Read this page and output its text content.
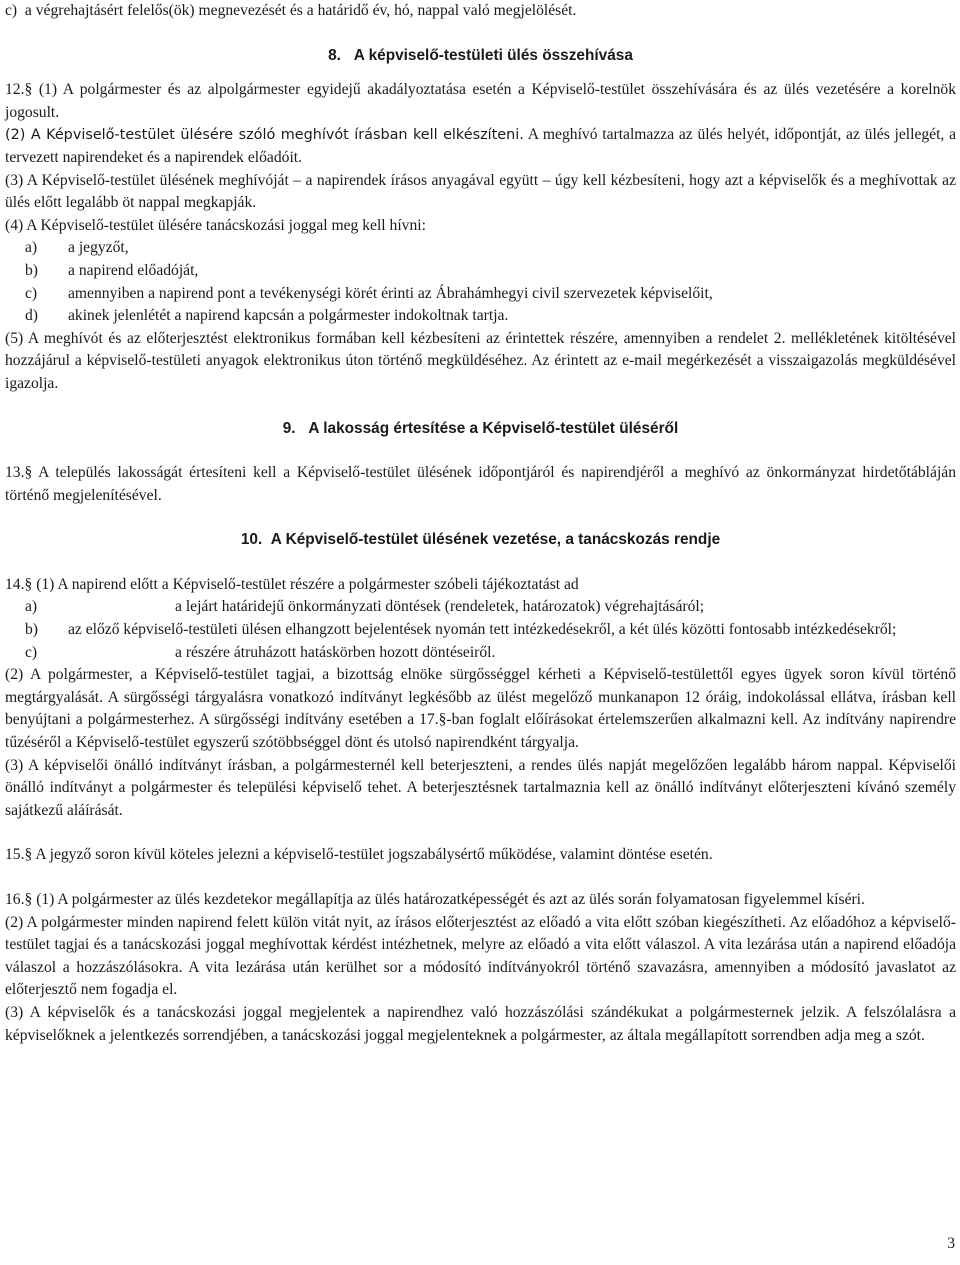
c)  a végrehajtásért felelős(ök) megnevezését és a határidő év, hó, nappal való megjelölését.

8.   A képviselő-testületi ülés összehívása

12.§ (1) A polgármester és az alpolgármester egyidejű akadályoztatása esetén a Képviselő-testület összehívására és az ülés vezetésére a korelnök jogosult.

(2) A Képviselő-testület ülésére szóló meghívót írásban kell elkészíteni. A meghívó tartalmazza az ülés helyét, időpontját, az ülés jellegét, a tervezett napirendeket és a napirendek előadóit.

(3) A Képviselő-testület ülésének meghívóját – a napirendek írásos anyagával együtt – úgy kell kézbesíteni, hogy azt a képviselők és a meghívottak az ülés előtt legalább öt nappal megkapják.

(4) A Képviselő-testület ülésére tanácskozási joggal meg kell hívni:

a)	a jegyzőt,
b)	a napirend előadóját,
c)	amennyiben a napirend pont a tevékenységi körét érinti az Ábrahámhegyi civil szervezetek képviselőit,
d)	akinek jelenlétét a napirend kapcsán a polgármester indokoltnak tartja.

(5) A meghívót és az előterjesztést elektronikus formában kell kézbesíteni az érintettek részére, amennyiben a rendelet 2. mellékletének kitöltésével hozzájárul a képviselő-testületi anyagok elektronikus úton történő megküldéséhez. Az érintett az e-mail megérkezését a visszaigazolás megküldésével igazolja.

9.   A lakosság értesítése a Képviselő-testület üléséről

13.§ A település lakosságát értesíteni kell a Képviselő-testület ülésének időpontjáról és napirendjéről a meghívó az önkormányzat hirdetőtábláján történő megjelenítésével.

10.  A Képviselő-testület ülésének vezetése, a tanácskozás rendje

14.§ (1) A napirend előtt a Képviselő-testület részére a polgármester szóbeli tájékoztatást ad

a)	a lejárt határidejű önkormányzati döntések (rendeletek, határozatok) végrehajtásáról;
b)	az előző képviselő-testületi ülésen elhangzott bejelentések nyomán tett intézkedésekről, a két ülés közötti fontosabb intézkedésekről;
c)	a részére átruházott hatáskörben hozott döntéseiről.

(2) A polgármester, a Képviselő-testület tagjai, a bizottság elnöke sürgősséggel kérheti a Képviselő-testülettől egyes ügyek soron kívül történő megtárgyalását. A sürgősségi tárgyalásra vonatkozó indítványt legkésőbb az ülést megelőző munkanapon 12 óráig, indokolással ellátva, írásban kell benyújtani a polgármesterhez. A sürgősségi indítvány esetében a 17.§-ban foglalt előírásokat értelemszerűen alkalmazni kell. Az indítvány napirendre tűzéséről a Képviselő-testület egyszerű szótöbbséggel dönt és utolsó napirendként tárgyalja.

(3) A képviselői önálló indítványt írásban, a polgármesternél kell beterjeszteni, a rendes ülés napját megelőzően legalább három nappal. Képviselői önálló indítványt a polgármester és települési képviselő tehet. A beterjesztésnek tartalmaznia kell az önálló indítványt előterjeszteni kívánó személy sajátkezű aláírását.

15.§ A jegyző soron kívül köteles jelezni a képviselő-testület jogszabálysértő működése, valamint döntése esetén.

16.§ (1) A polgármester az ülés kezdetekor megállapítja az ülés határozatképességét és azt az ülés során folyamatosan figyelemmel kíséri.

(2) A polgármester minden napirend felett külön vitát nyit, az írásos előterjesztést az előadó a vita előtt szóban kiegészítheti. Az előadóhoz a képviselő-testület tagjai és a tanácskozási joggal meghívottak kérdést intézhetnek, melyre az előadó a vita előtt válaszol. A vita lezárása után a napirend előadója válaszol a hozzászólásokra. A vita lezárása után kerülhet sor a módosító indítványokról történő szavazásra, amennyiben a módosító javaslatot az előterjesztő nem fogadja el.

(3) A képviselők és a tanácskozási joggal megjelentek a napirendhez való hozzászólási szándékukat a polgármesternek jelzik. A felszólalásra a képviselőknek a jelentkezés sorrendjében, a tanácskozási joggal megjelenteknek a polgármester, az általa megállapított sorrendben adja meg a szót.

3
